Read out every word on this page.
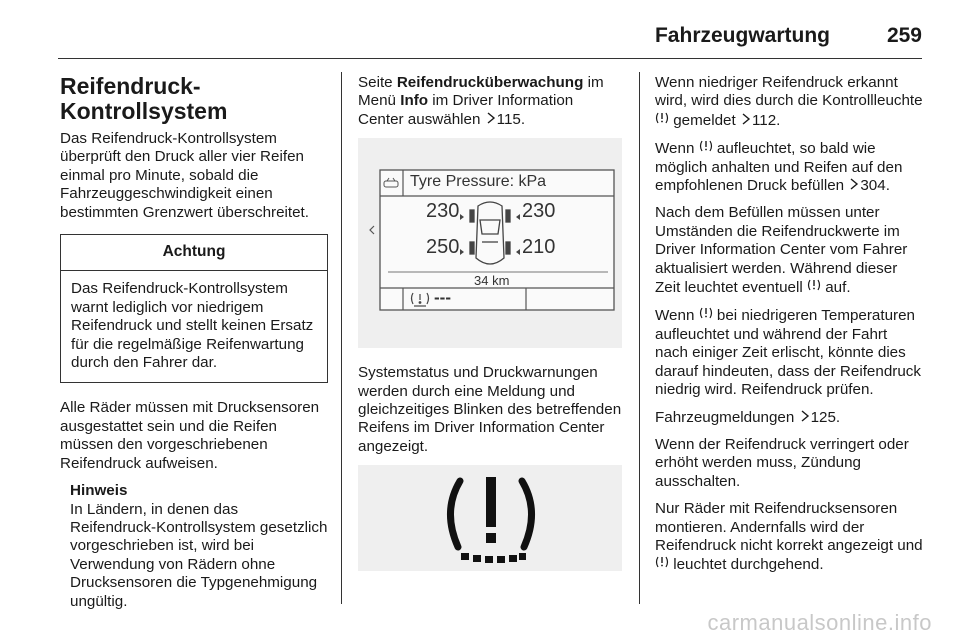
Fahrzeugwartung	259
Reifendruck-Kontrollsystem

Das Reifendruck-Kontrollsystem überprüft den Druck aller vier Reifen einmal pro Minute, sobald die Fahrzeuggeschwindigkeit einen bestimmten Grenzwert überschreitet.

Achtung
Das Reifendruck-Kontrollsystem warnt lediglich vor niedrigem Reifendruck und stellt keinen Ersatz für die regelmäßige Reifenwartung durch den Fahrer dar.

Alle Räder müssen mit Drucksensoren ausgestattet sein und die Reifen müssen den vorgeschriebenen Reifendruck aufweisen.

Hinweis
In Ländern, in denen das Reifendruck-Kontrollsystem gesetzlich vorgeschrieben ist, wird bei Verwendung von Rädern ohne Drucksensoren die Typgenehmigung ungültig.

Seite Reifendrucküberwachung im Menü Info im Driver Information Center auswählen 115.

Tyre Pressure: kPa
230	230
250	210
34 km
---

Systemstatus und Druckwarnungen werden durch eine Meldung und gleichzeitiges Blinken des betreffenden Reifens im Driver Information Center angezeigt.

Wenn niedriger Reifendruck erkannt wird, wird dies durch die Kontrollleuchte  gemeldet 112.

Wenn aufleuchtet, so bald wie möglich anhalten und Reifen auf den empfohlenen Druck befüllen 304.

Nach dem Befüllen müssen unter Umständen die Reifendruckwerte im Driver Information Center vom Fahrer aktualisiert werden. Während dieser Zeit leuchtet eventuell auf.

Wenn bei niedrigeren Temperaturen aufleuchtet und während der Fahrt nach einiger Zeit erlischt, könnte dies darauf hindeuten, dass der Reifendruck niedrig wird. Reifendruck prüfen.

Fahrzeugmeldungen 125.

Wenn der Reifendruck verringert oder erhöht werden muss, Zündung ausschalten.

Nur Räder mit Reifendrucksensoren montieren. Andernfalls wird der Reifendruck nicht korrekt angezeigt und  leuchtet durchgehend.

carmanualsonline.info
